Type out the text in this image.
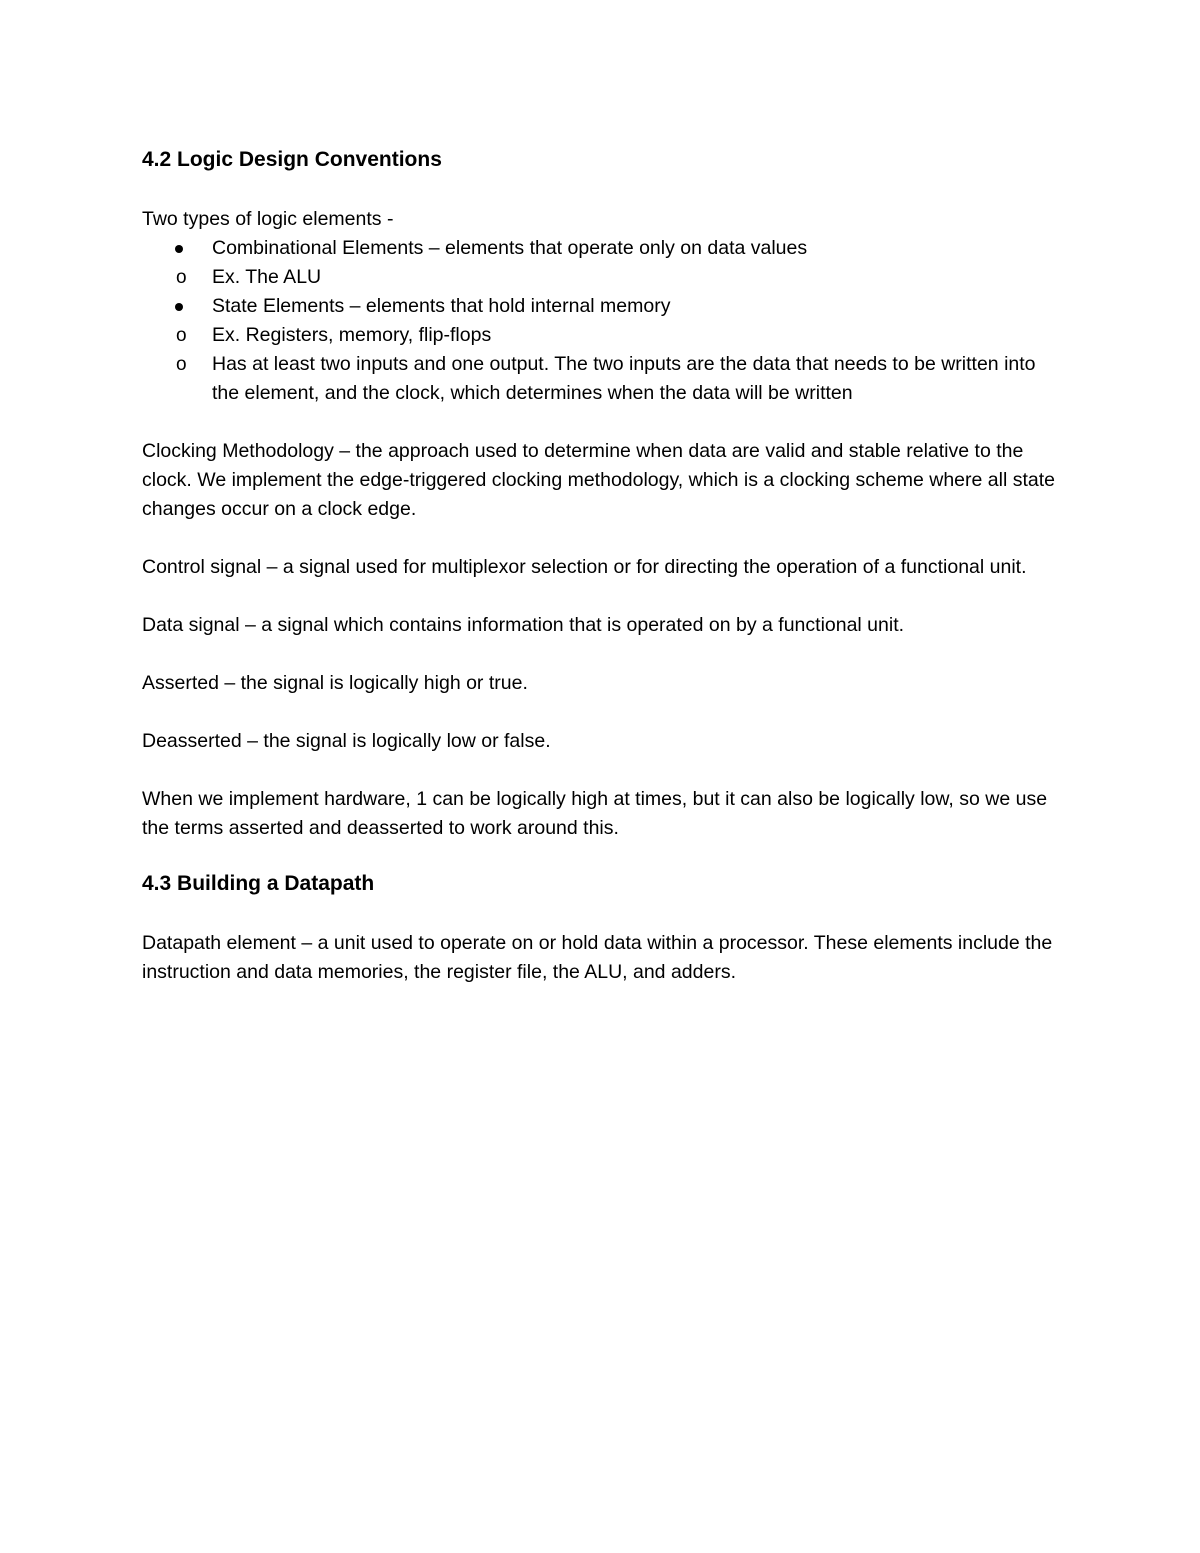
4.2 Logic Design Conventions

Two types of logic elements -

Combinational Elements – elements that operate only on data values
o Ex. The ALU
State Elements – elements that hold internal memory
o Ex. Registers, memory, flip-flops
o Has at least two inputs and one output. The two inputs are the data that needs to be written into the element, and the clock, which determines when the data will be written

Clocking Methodology – the approach used to determine when data are valid and stable relative to the clock. We implement the edge-triggered clocking methodology, which is a clocking scheme where all state changes occur on a clock edge.

Control signal – a signal used for multiplexor selection or for directing the operation of a functional unit.

Data signal – a signal which contains information that is operated on by a functional unit.

Asserted – the signal is logically high or true.

Deasserted – the signal is logically low or false.

When we implement hardware, 1 can be logically high at times, but it can also be logically low, so we use the terms asserted and deasserted to work around this.

4.3 Building a Datapath

Datapath element – a unit used to operate on or hold data within a processor. These elements include the instruction and data memories, the register file, the ALU, and adders.
